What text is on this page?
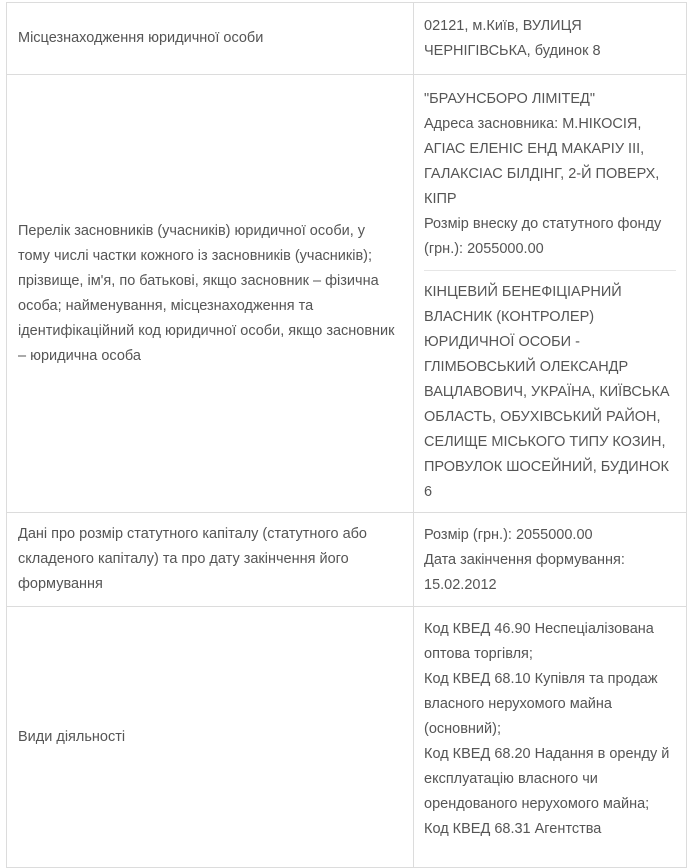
Місцезнаходження юридичної особи
02121, м.Київ, ВУЛИЦЯ ЧЕРНІГІВСЬКА, будинок 8
Перелік засновників (учасників) юридичної особи, у тому числі частки кожного із засновників (учасників); прізвище, ім'я, по батькові, якщо засновник – фізична особа; найменування, місцезнаходження та ідентифікаційний код юридичної особи, якщо засновник – юридична особа
"БРАУНСБОРО ЛІМІТЕД"
Адреса засновника: М.НІКОСІЯ, АГІАС ЕЛЕНІС ЕНД МАКАРІУ ІІІ, ГАЛАКСІАС БІЛДІНГ, 2-Й ПОВЕРХ, КІПР
Розмір внеску до статутного фонду (грн.): 2055000.00
КІНЦЕВИЙ БЕНЕФІЦІАРНИЙ ВЛАСНИК (КОНТРОЛЕР) ЮРИДИЧНОЇ ОСОБИ - ГЛІМБОВСЬКИЙ ОЛЕКСАНДР ВАЦЛАВОВИЧ, УКРАЇНА, КИЇВСЬКА ОБЛАСТЬ, ОБУХІВСЬКИЙ РАЙОН, СЕЛИЩЕ МІСЬКОГО ТИПУ КОЗИН, ПРОВУЛОК ШОСЕЙНИЙ, БУДИНОК 6
Дані про розмір статутного капіталу (статутного або складеного капіталу) та про дату закінчення його формування
Розмір (грн.): 2055000.00
Дата закінчення формування: 15.02.2012
Види діяльності
Код КВЕД 46.90 Неспеціалізована оптова торгівля;
Код КВЕД 68.10 Купівля та продаж власного нерухомого майна (основний);
Код КВЕД 68.20 Надання в оренду й експлуатацію власного чи орендованого нерухомого майна;
Код КВЕД 68.31 Агентства
